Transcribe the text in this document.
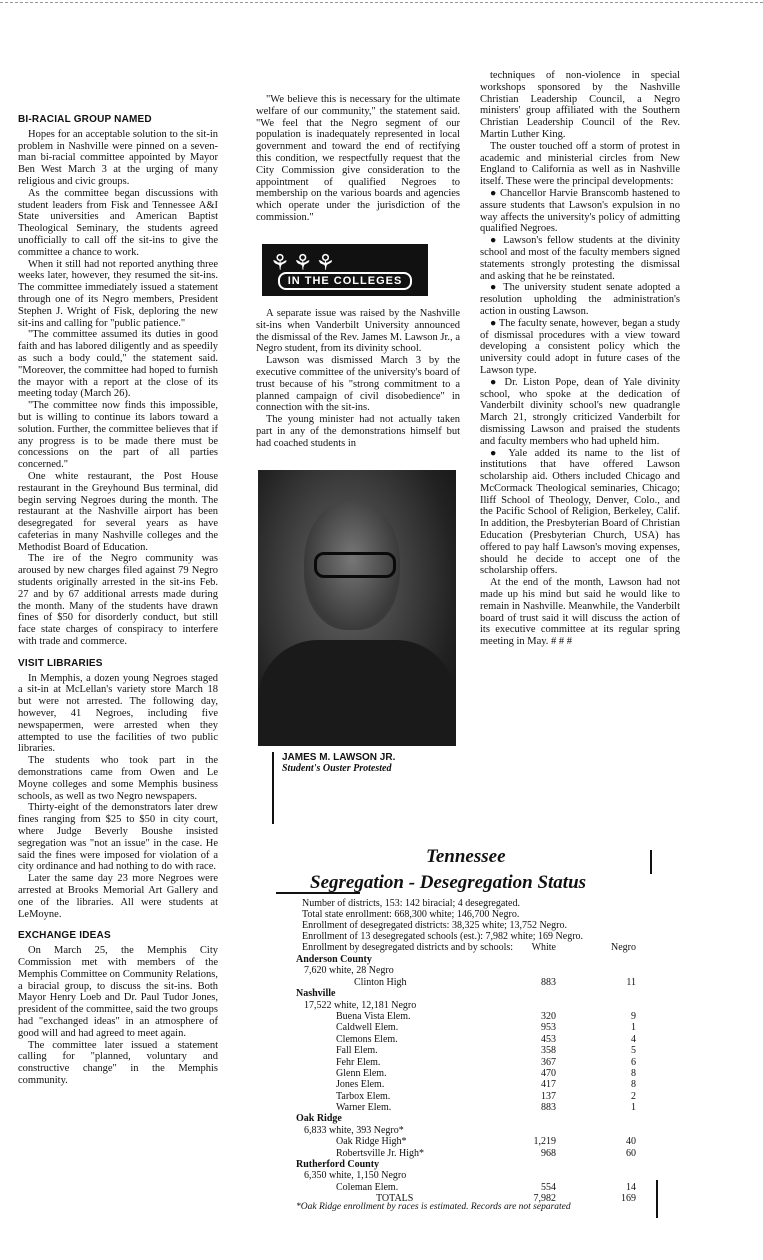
BI-RACIAL GROUP NAMED

Hopes for an acceptable solution to the sit-in problem in Nashville were pinned on a seven-man bi-racial committee appointed by Mayor Ben West March 3 at the urging of many religious and civic groups.

As the committee began discussions with student leaders from Fisk and Tennessee A&I State universities and American Baptist Theological Seminary, the students agreed unofficially to call off the sit-ins to give the committee a chance to work.

When it still had not reported anything three weeks later, however, they resumed the sit-ins. The committee immediately issued a statement through one of its Negro members, President Stephen J. Wright of Fisk, deploring the new sit-ins and calling for "public patience."

"The committee assumed its duties in good faith and has labored diligently and as speedily as such a body could," the statement said. "Moreover, the committee had hoped to furnish the mayor with a report at the close of its meeting today (March 26).

"The committee now finds this impossible, but is willing to continue its labors toward a solution. Further, the committee believes that if any progress is to be made there must be concessions on the part of all parties concerned."

One white restaurant, the Post House restaurant in the Greyhound Bus terminal, did begin serving Negroes during the month. The restaurant at the Nashville airport has been desegregated for several years as have cafeterias in many Nashville colleges and the Methodist Board of Education.

The ire of the Negro community was aroused by new charges filed against 79 Negro students originally arrested in the sit-ins Feb. 27 and by 67 additional arrests made during the month. Many of the students have drawn fines of $50 for disorderly conduct, but still face state charges of conspiracy to interfere with trade and commerce.

VISIT LIBRARIES

In Memphis, a dozen young Negroes staged a sit-in at McLellan's variety store March 18 but were not arrested. The following day, however, 41 Negroes, including five newspapermen, were arrested when they attempted to use the facilities of two public libraries.

The students who took part in the demonstrations came from Owen and Le Moyne colleges and some Memphis business schools, as well as two Negro newspapers.

Thirty-eight of the demonstrators later drew fines ranging from $25 to $50 in city court, where Judge Beverly Boushe insisted segregation was "not an issue" in the case. He said the fines were imposed for violation of a city ordinance and had nothing to do with race.

Later the same day 23 more Negroes were arrested at Brooks Memorial Art Gallery and one of the libraries. All were students at LeMoyne.

EXCHANGE IDEAS

On March 25, the Memphis City Commission met with members of the Memphis Committee on Community Relations, a biracial group, to discuss the sit-ins. Both Mayor Henry Loeb and Dr. Paul Tudor Jones, president of the committee, said the two groups had "exchanged ideas" in an atmosphere of good will and had agreed to meet again.

The committee later issued a statement calling for "planned, voluntary and constructive change" in the Memphis community.

"We believe this is necessary for the ultimate welfare of our community," the statement said. "We feel that the Negro segment of our population is inadequately represented in local government and toward the end of rectifying this condition, we respectfully request that the City Commission give consideration to the appointment of qualified Negroes to membership on the various boards and agencies which operate under the jurisdiction of the commission."

⚘⚘⚘
IN THE COLLEGES

A separate issue was raised by the Nashville sit-ins when Vanderbilt University announced the dismissal of the Rev. James M. Lawson Jr., a Negro student, from its divinity school.

Lawson was dismissed March 3 by the executive committee of the university's board of trust because of his "strong commitment to a planned campaign of civil disobedience" in connection with the sit-ins.

The young minister had not actually taken part in any of the demonstrations himself but had coached students in

JAMES M. LAWSON JR.
Student's Ouster Protested

techniques of non-violence in special workshops sponsored by the Nashville Christian Leadership Council, a Negro ministers' group affiliated with the Southern Christian Leadership Council of the Rev. Martin Luther King.

The ouster touched off a storm of protest in academic and ministerial circles from New England to California as well as in Nashville itself. These were the principal developments:

● Chancellor Harvie Branscomb hastened to assure students that Lawson's expulsion in no way affects the university's policy of admitting qualified Negroes.

● Lawson's fellow students at the divinity school and most of the faculty members signed statements strongly protesting the dismissal and asking that he be reinstated.

● The university student senate adopted a resolution upholding the administration's action in ousting Lawson.

● The faculty senate, however, began a study of dismissal procedures with a view toward developing a consistent policy which the university could adopt in future cases of the Lawson type.

● Dr. Liston Pope, dean of Yale divinity school, who spoke at the dedication of Vanderbilt divinity school's new quadrangle March 21, strongly criticized Vanderbilt for dismissing Lawson and praised the students and faculty members who had upheld him.

● Yale added its name to the list of institutions that have offered Lawson scholarship aid. Others included Chicago and McCormack Theological seminaries, Chicago; Iliff School of Theology, Denver, Colo., and the Pacific School of Religion, Berkeley, Calif. In addition, the Presbyterian Board of Christian Education (Presbyterian Church, USA) has offered to pay half Lawson's moving expenses, should he decide to accept one of the scholarship offers.

At the end of the month, Lawson had not made up his mind but said he would like to remain in Nashville. Meanwhile, the Vanderbilt board of trust said it will discuss the action of its executive committee at its regular spring meeting in May. # # #

Tennessee
Segregation - Desegregation Status
Number of districts, 153: 142 biracial; 4 desegregated.
Total state enrollment: 668,300 white; 146,700 Negro.
Enrollment of desegregated districts: 38,325 white; 13,752 Negro.
Enrollment of 13 desegregated schools (est.): 7,982 white; 169 Negro.
Enrollment by desegregated districts and by schools:	White	Negro
Anderson County
7,620 white, 28 Negro
Clinton High	883	11
Nashville
17,522 white, 12,181 Negro
Buena Vista Elem.	320	9
Caldwell Elem.	953	1
Clemons Elem.	453	4
Fall Elem.	358	5
Fehr Elem.	367	6
Glenn Elem.	470	8
Jones Elem.	417	8
Tarbox Elem.	137	2
Warner Elem.	883	1
Oak Ridge
6,833 white, 393 Negro*
Oak Ridge High*	1,219	40
Robertsville Jr. High*	968	60
Rutherford County
6,350 white, 1,150 Negro
Coleman Elem.	554	14
TOTALS	7,982	169
*Oak Ridge enrollment by races is estimated. Records are not separated
